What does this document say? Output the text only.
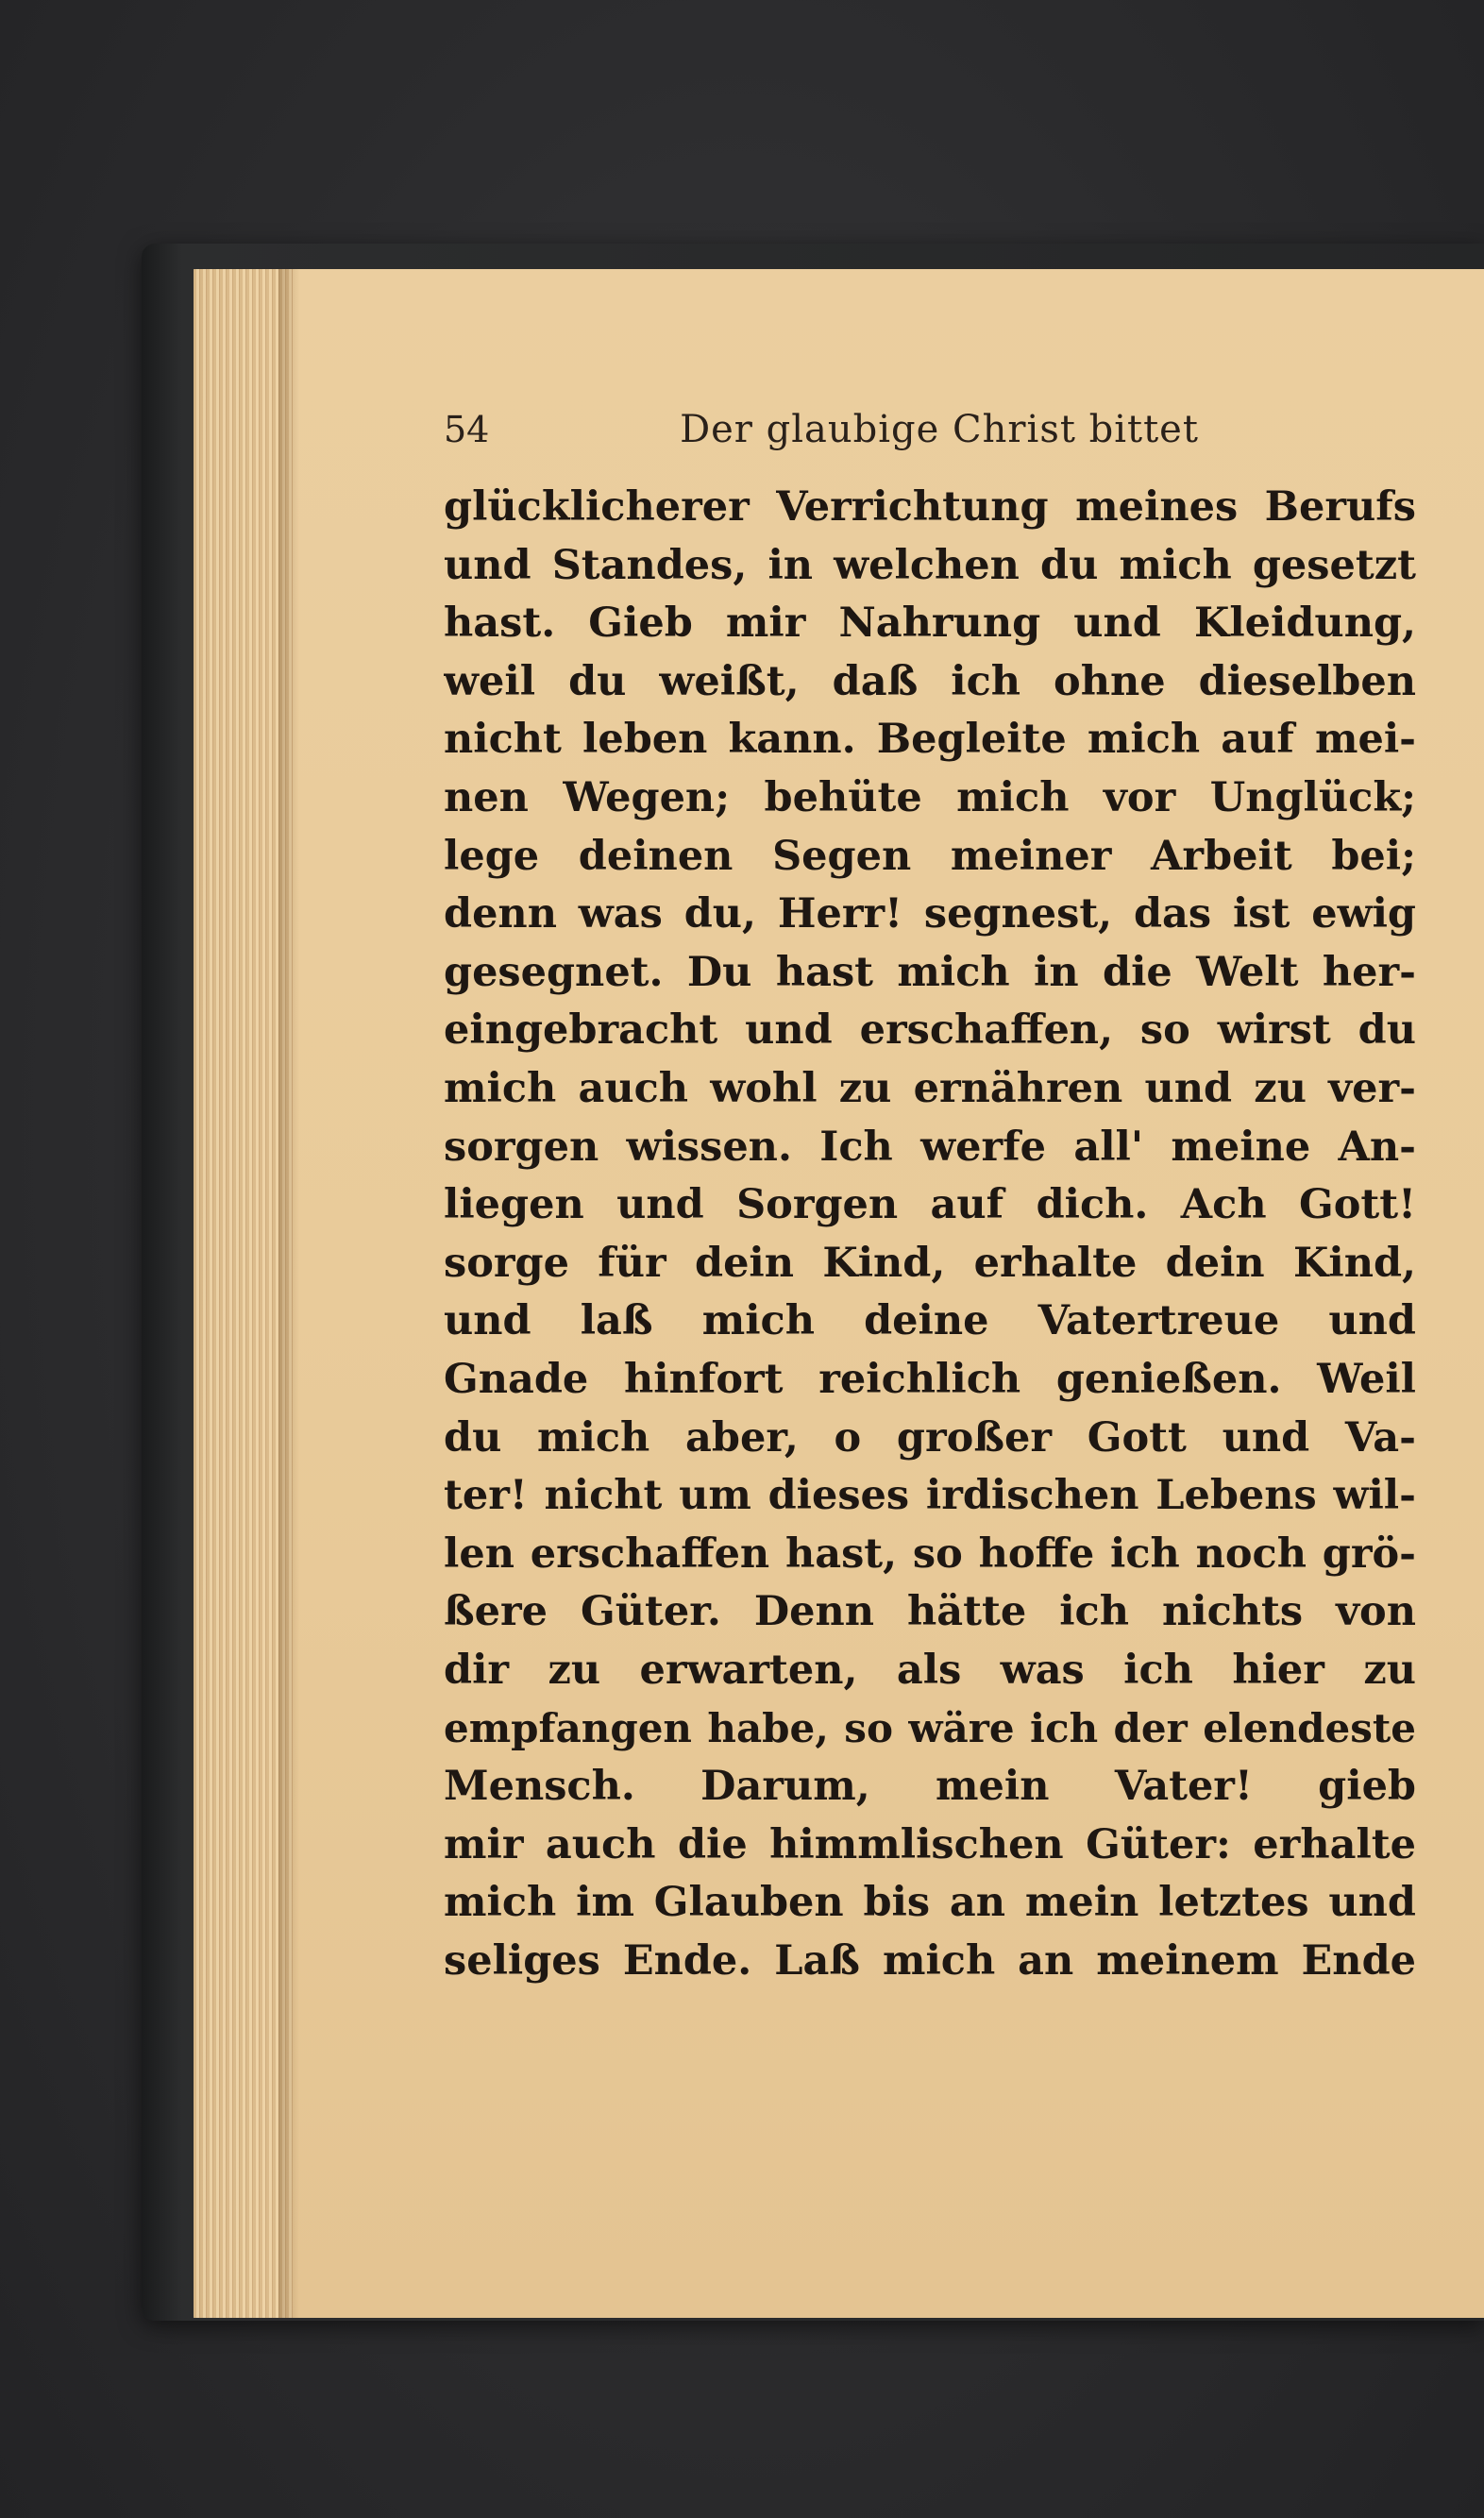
54	Der glaubige Christ bittet
glücklicherer Verrichtung meines Berufs
und Standes, in welchen du mich gesetzt
hast. Gieb mir Nahrung und Kleidung,
weil du weißt, daß ich ohne dieselben
nicht leben kann. Begleite mich auf mei-
nen Wegen; behüte mich vor Unglück;
lege deinen Segen meiner Arbeit bei;
denn was du, Herr! segnest, das ist ewig
gesegnet. Du hast mich in die Welt her-
eingebracht und erschaffen, so wirst du
mich auch wohl zu ernähren und zu ver-
sorgen wissen. Ich werfe all' meine An-
liegen und Sorgen auf dich. Ach Gott!
sorge für dein Kind, erhalte dein Kind,
und laß mich deine Vatertreue und
Gnade hinfort reichlich genießen. Weil
du mich aber, o großer Gott und Va-
ter! nicht um dieses irdischen Lebens wil-
len erschaffen hast, so hoffe ich noch grö-
ßere Güter. Denn hätte ich nichts von
dir zu erwarten, als was ich hier zu
empfangen habe, so wäre ich der elendeste
Mensch. Darum, mein Vater! gieb
mir auch die himmlischen Güter: erhalte
mich im Glauben bis an mein letztes und
seliges Ende. Laß mich an meinem Ende
